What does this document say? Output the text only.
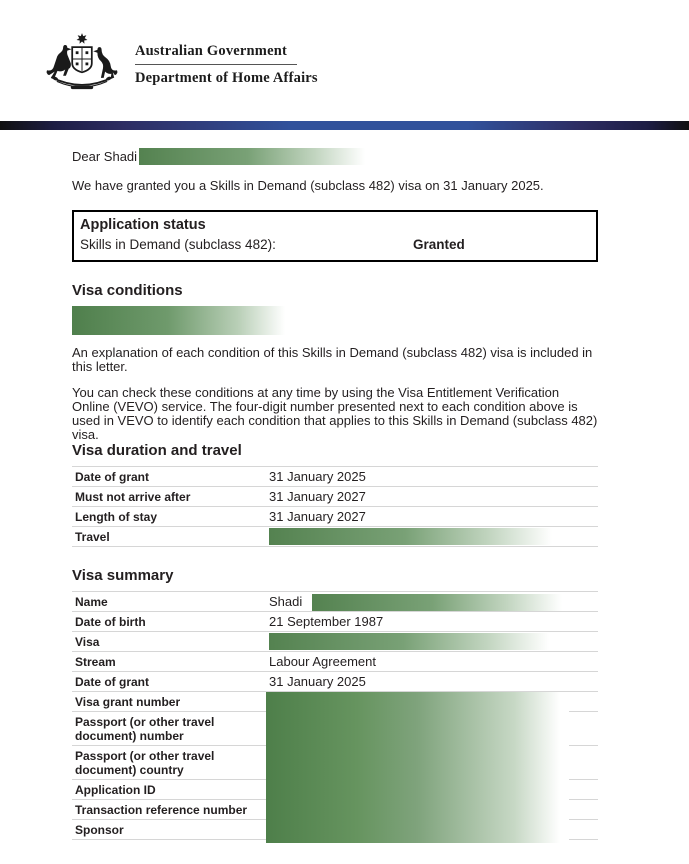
Australian Government
Department of Home Affairs
Dear Shadi

We have granted you a Skills in Demand (subclass 482) visa on 31 January 2025.

Application status
Skills in Demand (subclass 482):	Granted
Visa conditions

An explanation of each condition of this Skills in Demand (subclass 482) visa is included in this letter.

You can check these conditions at any time by using the Visa Entitlement Verification Online (VEVO) service. The four-digit number presented next to each condition above is used in VEVO to identify each condition that applies to this Skills in Demand (subclass 482) visa.

Visa duration and travel
Date of grant	31 January 2025
Must not arrive after	31 January 2027
Length of stay	31 January 2027
Travel
Visa summary
Name	Shadi
Date of birth	21 September 1987
Visa
Stream	Labour Agreement
Date of grant	31 January 2025
Visa grant number
Passport (or other travel document) number
Passport (or other travel document) country
Application ID
Transaction reference number
Sponsor
